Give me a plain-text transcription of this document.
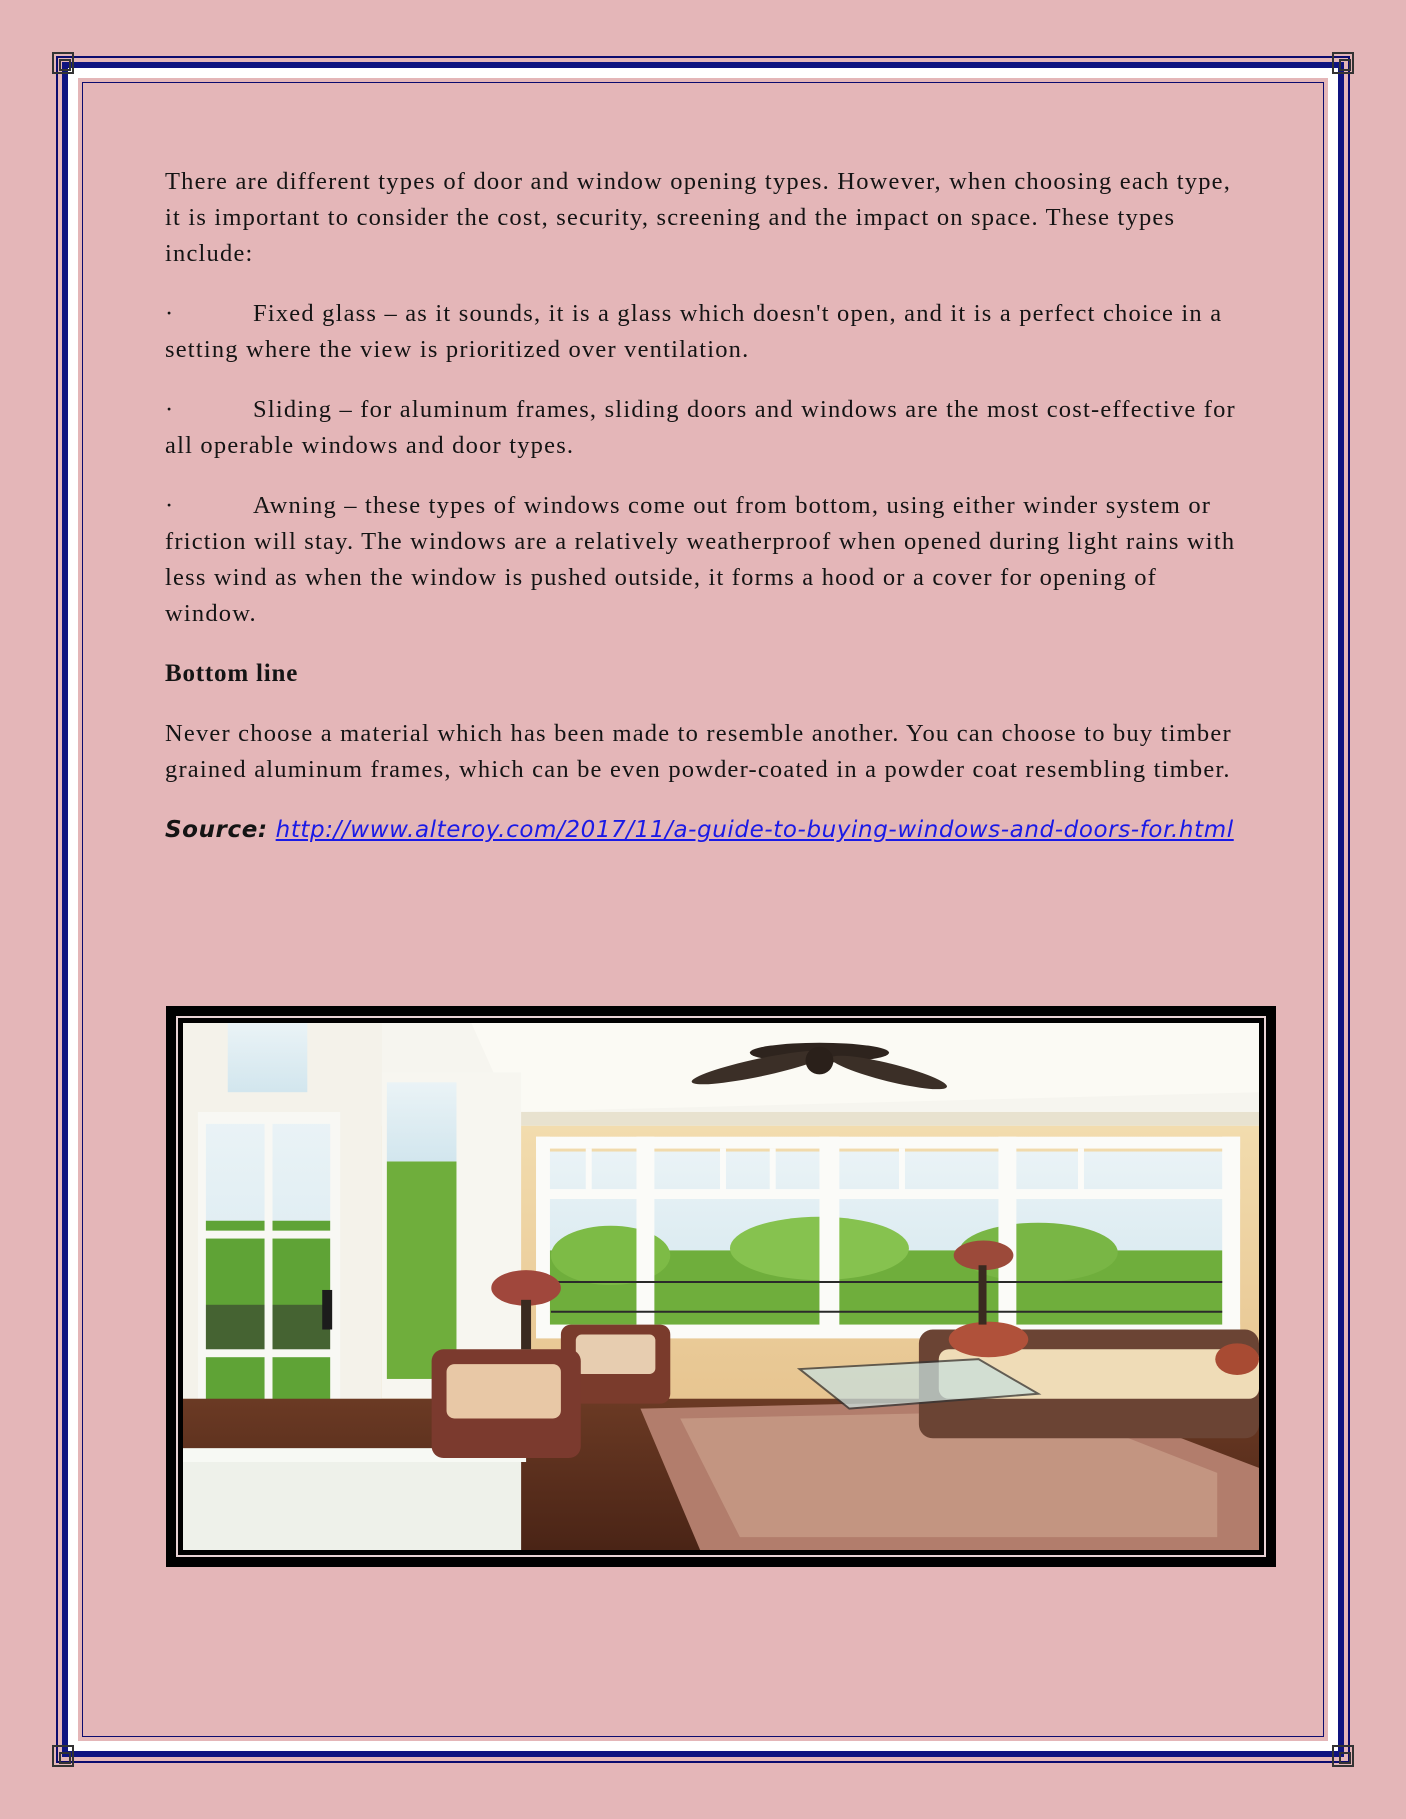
There are different types of door and window opening types. However, when choosing each type, it is important to consider the cost, security, screening and the impact on space. These types include:

·	Fixed glass – as it sounds, it is a glass which doesn't open, and it is a perfect choice in a setting where the view is prioritized over ventilation.

·	Sliding – for aluminum frames, sliding doors and windows are the most cost-effective for all operable windows and door types.

·	Awning – these types of windows come out from bottom, using either winder system or friction will stay. The windows are a relatively weatherproof when opened during light rains with less wind as when the window is pushed outside, it forms a hood or a cover for opening of window.

Bottom line

Never choose a material which has been made to resemble another. You can choose to buy timber grained aluminum frames, which can be even powder-coated in a powder coat resembling timber.

Source: http://www.alteroy.com/2017/11/a-guide-to-buying-windows-and-doors-for.html
